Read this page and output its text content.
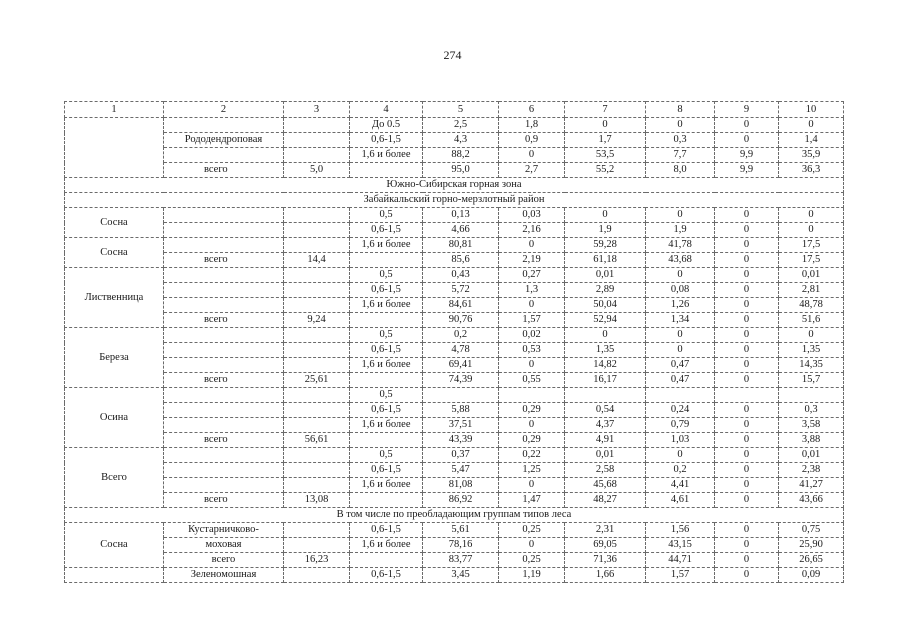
274
1	2	3	4	5	6	7	8	9	10
			До 0.5	2,5	1,8	0	0	0	0
	Рододендроповая		0,6-1,5	4,3	0,9	1,7	0,3	0	1,4
			1,6 и более	88,2	0	53,5	7,7	9,9	35,9
	всего	5,0		95,0	2,7	55,2	8,0	9,9	36,3
Южно-Сибирская горная зона									
Забайкальский горно-мерзлотный район									
Сосна			0,5	0,13	0,03	0	0	0	0
			0,6-1,5	4,66	2,16	1,9	1,9	0	0
Сосна			1,6 и более	80,81	0	59,28	41,78	0	17,5
	всего	14,4		85,6	2,19	61,18	43,68	0	17,5
Лиственница			0,5	0,43	0,27	0,01	0	0	0,01
			0,6-1,5	5,72	1,3	2,89	0,08	0	2,81
			1,6 и более	84,61	0	50,04	1,26	0	48,78
	всего	9,24		90,76	1,57	52,94	1,34	0	51,6
Береза			0,5	0,2	0,02	0	0	0	0
			0,6-1,5	4,78	0,53	1,35	0	0	1,35
			1,6 и более	69,41	0	14,82	0,47	0	14,35
	всего	25,61		74,39	0,55	16,17	0,47	0	15,7
Осина			0,5						
			0,6-1,5	5,88	0,29	0,54	0,24	0	0,3
			1,6 и более	37,51	0	4,37	0,79	0	3,58
	всего	56,61		43,39	0,29	4,91	1,03	0	3,88
Всего			0,5	0,37	0,22	0,01	0	0	0,01
			0,6-1,5	5,47	1,25	2,58	0,2	0	2,38
			1,6 и более	81,08	0	45,68	4,41	0	41,27
	всего	13,08		86,92	1,47	48,27	4,61	0	43,66
В том числе по преобладающим группам типов леса									
Сосна	Кустарничково-		0,6-1,5	5,61	0,25	2,31	1,56	0	0,75
	моховая		1,6 и более	78,16	0	69,05	43,15	0	25,90
	всего	16,23		83,77	0,25	71,36	44,71	0	26,65
	Зеленомошная		0,6-1,5	3,45	1,19	1,66	1,57	0	0,09
